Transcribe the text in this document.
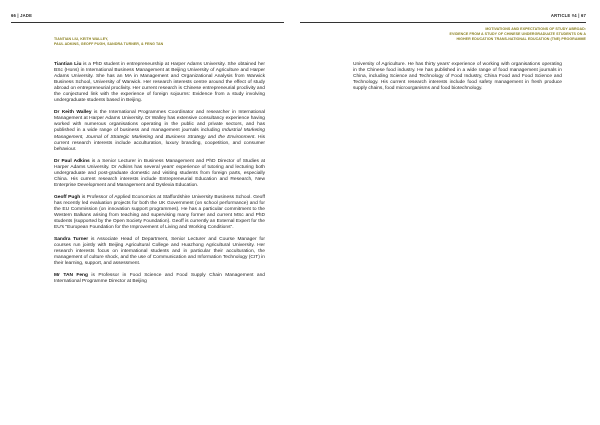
66 | JADE
TIANTIAN LIU, KEITH WALLEY,
PAUL ADKINS, GEOFF PUGH, SANDRA TURNER, & FENG TAN

Tiantian Liu is a PhD student in entrepreneurship at Harper Adams University. She obtained her BSc (Hons) in International Business Management at Beijing University of Agriculture and Harper Adams University. She has an MA in Management and Organizational Analysis from Warwick Business School, University of Warwick. Her research interests centre around the effect of study abroad on entrepreneurial proclivity. Her current research is Chinese entrepreneurial proclivity and the conjectured link with the experience of foreign sojourns: Evidence from a study involving undergraduate students based in Beijing.

Dr Keith Walley is the International Programmes Coordinator and researcher in International Management at Harper Adams University. Dr Walley has extensive consultancy experience having worked with numerous organisations operating in the public and private sectors, and has published in a wide range of business and management journals including Industrial Marketing Management, Journal of Strategic Marketing and Business Strategy and the Environment. His current research interests include acculturation, luxury branding, coopetition, and consumer behaviour.

Dr Paul Adkins is a Senior Lecturer in Business Management and PhD Director of Studies at Harper Adams University. Dr Adkins has several years' experience of tutoring and lecturing both undergraduate and post-graduate domestic and visiting students from foreign parts, especially China. His current research interests include Entrepreneurial Education and Research, New Enterprise Development and Management and Dyslexia Education.

Geoff Pugh is Professor of Applied Economics at Staffordshire University Business School. Geoff has recently led evaluation projects for both the UK Government (on school performance) and for the EU Commission (on innovation support programmes). He has a particular commitment to the Western Balkans arising from teaching and supervising many former and current MSc and PhD students (supported by the Open Society Foundation). Geoff is currently an External Expert for the EU's "European Foundation for the Improvement of Living and Working Conditions".

Sandra Turner is Associate Head of Department, Senior Lecturer and Course Manager for courses run jointly with Beijing Agricultural College and Huazhong Agricultural University. Her research interests focus on international students and in particular their acculturation, the management of culture shock, and the use of Communication and Information Technology (CIT) in their learning, support, and assessment.

Mr TAN Feng is Professor in Food Science and Food Supply Chain Management and International Programme Director at Beijing

ARTICLE #4 | 67
MOTIVATIONS AND EXPECTATIONS OF STUDY ABROAD:
EVIDENCE FROM A STUDY OF CHINESE UNDERGRADUATE STUDENTS ON A
HIGHER EDUCATION TRANS-NATIONAL EDUCATION (TNE) PROGRAMME

University of Agriculture. He has thirty years' experience of working with organisations operating in the Chinese food industry. He has published in a wide range of food management journals in China, including Science and Technology of Food Industry, China Food and Food Science and Technology. His current research interests include food safety management in fresh produce supply chains, food microorganisms and food biotechnology.
